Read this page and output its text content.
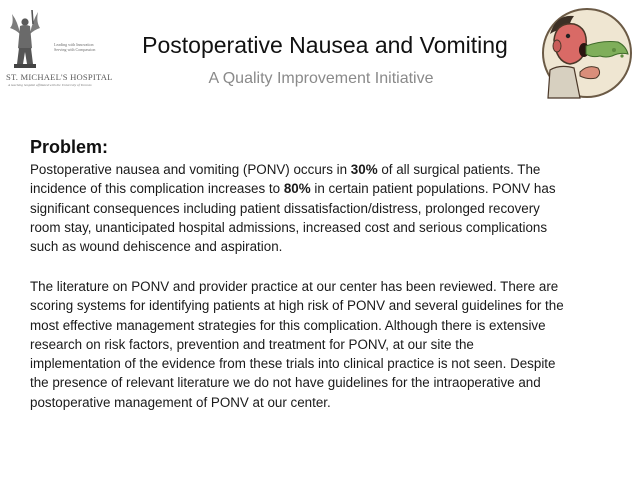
Leading with Innovation
Serving with Compassion
ST. MICHAEL'S HOSPITAL
A teaching hospital affiliated with the University of Toronto
Postoperative Nausea and Vomiting
A Quality Improvement Initiative
Problem:
Postoperative nausea and vomiting (PONV) occurs in 30% of all surgical patients. The
incidence of this complication increases to 80% in certain patient populations. PONV has
significant consequences including patient dissatisfaction/distress, prolonged recovery
room stay, unanticipated hospital admissions, increased cost and serious complications
such as wound dehiscence and aspiration.
The literature on PONV and provider practice at our center has been reviewed. There are
scoring systems for identifying patients at high risk of PONV and several guidelines for the
most effective management strategies for this complication. Although there is extensive
research on risk factors, prevention and treatment for PONV, at our site the
implementation of the evidence from these trials into clinical practice is not seen. Despite
the presence of relevant literature we do not have guidelines for the intraoperative and
postoperative management of PONV at our center.
